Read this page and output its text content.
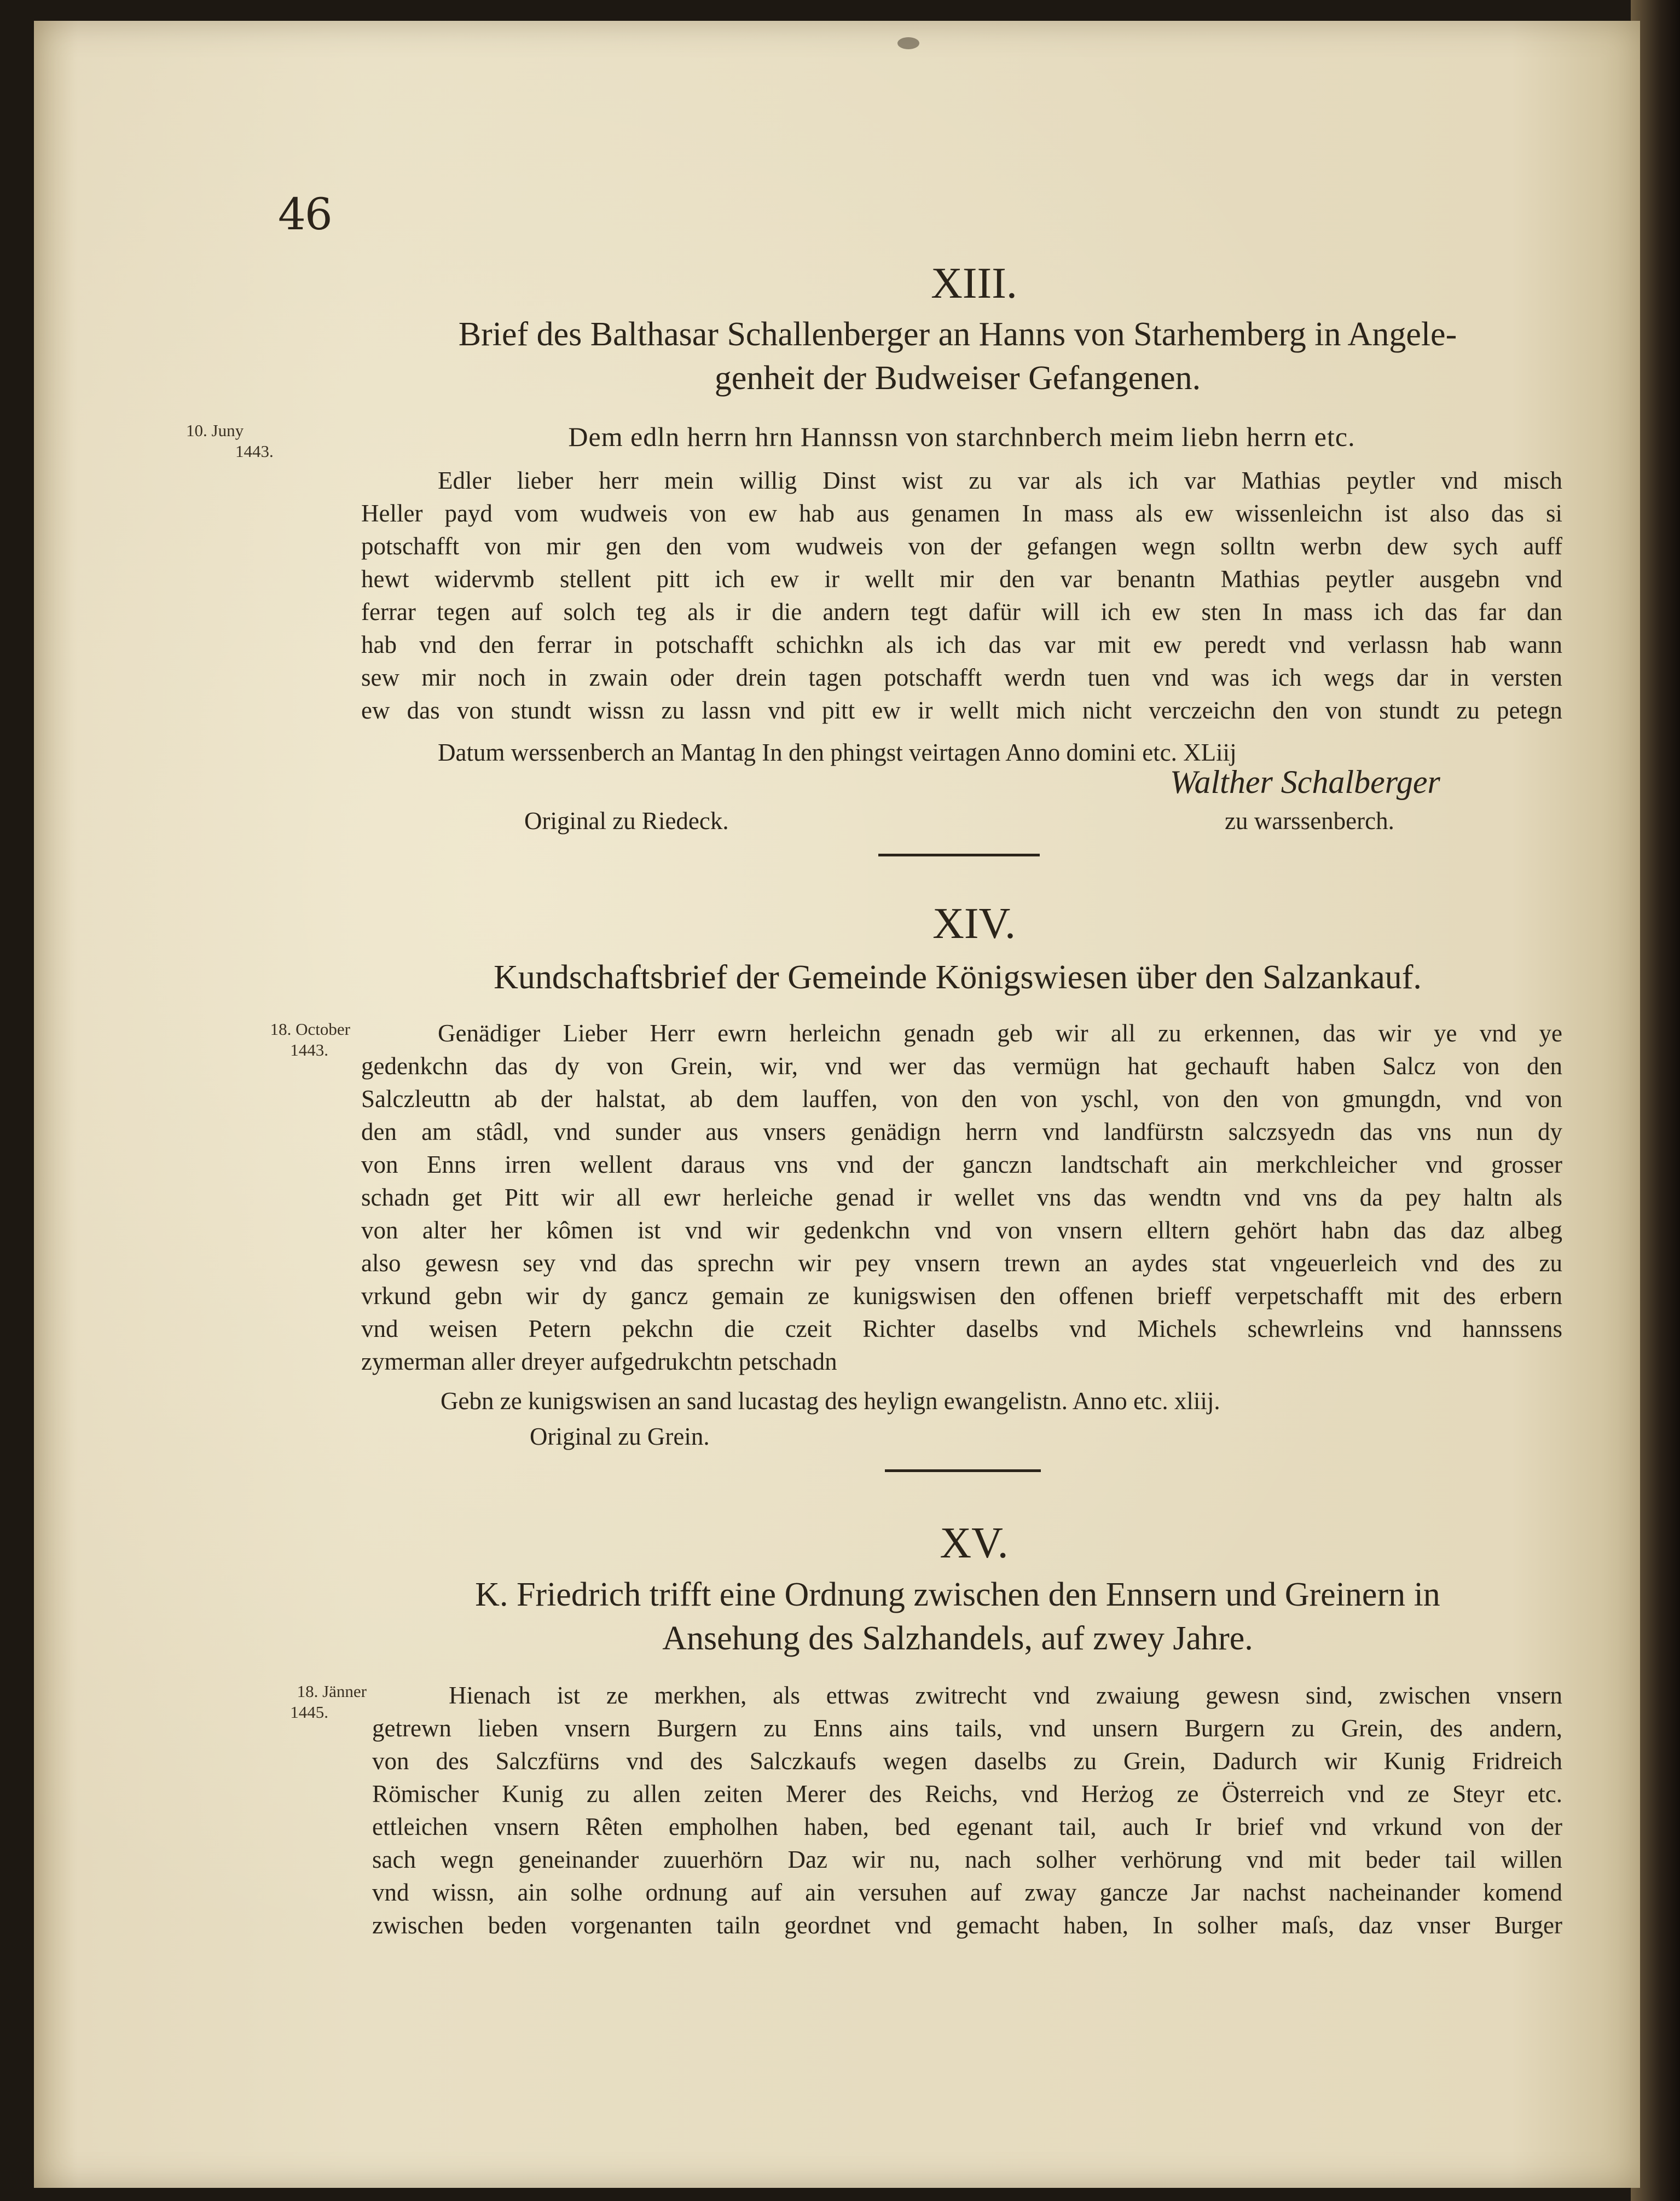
46
XIII.
Brief des Balthasar Schallenberger an Hanns von Starhemberg in Angele-
genheit der Budweiser Gefangenen.
10. Juny
1443.	Dem edln herrn hrn Hannssn von starchnberch meim liebn herrn etc.
Edler lieber herr mein willig Dinst wist zu var als ich var Mathias peytler vnd misch
Heller payd vom wudweis von ew hab aus genamen In mass als ew wissenleichn ist also das si
potschafft von mir gen den vom wudweis von der gefangen wegn solltn werbn dew sych auff
hewt widervmb stellent pitt ich ew ir wellt mir den var benantn Mathias peytler ausgebn vnd
ferrar tegen auf solch teg als ir die andern tegt dafür will ich ew sten In mass ich das far dan
hab vnd den ferrar in potschafft schichkn als ich das var mit ew peredt vnd verlassn hab wann
sew mir noch in zwain oder drein tagen potschafft werdn tuen vnd was ich wegs dar in versten
ew das von stundt wissn zu lassn vnd pitt ew ir wellt mich nicht verczeichn den von stundt zu petegn
Datum werssenberch an Mantag In den phingst veirtagen Anno domini etc. XLiij
Walther Schalberger
Original zu Riedeck.	zu warssenberch.
XIV.
Kundschaftsbrief der Gemeinde Königswiesen über den Salzankauf.
18. October
1443.
Genädiger Lieber Herr ewrn herleichn genadn geb wir all zu erkennen, das wir ye vnd ye
gedenkchn das dy von Grein, wir, vnd wer das vermügn hat gechauft haben Salcz von den
Salczleuttn ab der halstat, ab dem lauffen, von den von yschl, von den von gmungdn, vnd von
den am stâdl, vnd sunder aus vnsers genädign herrn vnd landfürstn salczsyedn das vns nun dy
von Enns irren wellent daraus vns vnd der ganczn landtschaft ain merkchleicher vnd grosser
schadn get Pitt wir all ewr herleiche genad ir wellet vns das wendtn vnd vns da pey haltn als
von alter her kômen ist vnd wir gedenkchn vnd von vnsern elltern gehört habn das daz albeg
also gewesn sey vnd das sprechn wir pey vnsern trewn an aydes stat vngeuerleich vnd des zu
vrkund gebn wir dy gancz gemain ze kunigswisen den offenen brieff verpetschafft mit des erbern
vnd weisen Petern pekchn die czeit Richter daselbs vnd Michels schewrleins vnd hannssens
zymerman aller dreyer aufgedrukchtn petschadn
Gebn ze kunigswisen an sand lucastag des heylign ewangelistn. Anno etc. xliij.
Original zu Grein.
XV.
K. Friedrich trifft eine Ordnung zwischen den Ennsern und Greinern in
Ansehung des Salzhandels, auf zwey Jahre.
18. Jänner
1445.
Hienach ist ze merkhen, als ettwas zwitrecht vnd zwaiung gewesn sind, zwischen vnsern
getrewn lieben vnsern Burgern zu Enns ains tails, vnd unsern Burgern zu Grein, des andern,
von des Salczfürns vnd des Salczkaufs wegen daselbs zu Grein, Dadurch wir Kunig Fridreich
Römischer Kunig zu allen zeiten Merer des Reichs, vnd Herżog ze Österreich vnd ze Steyr etc.
ettleichen vnsern Rêten empholhen haben, bed egenant tail, auch Ir brief vnd vrkund von der
sach wegn geneinander zuuerhörn Daz wir nu, nach solher verhörung vnd mit beder tail willen
vnd wissn, ain solhe ordnung auf ain versuhen auf zway gancze Jar nachst nacheinander komend
zwischen beden vorgenanten tailn geordnet vnd gemacht haben, In solher maſs, daz vnser Burger
